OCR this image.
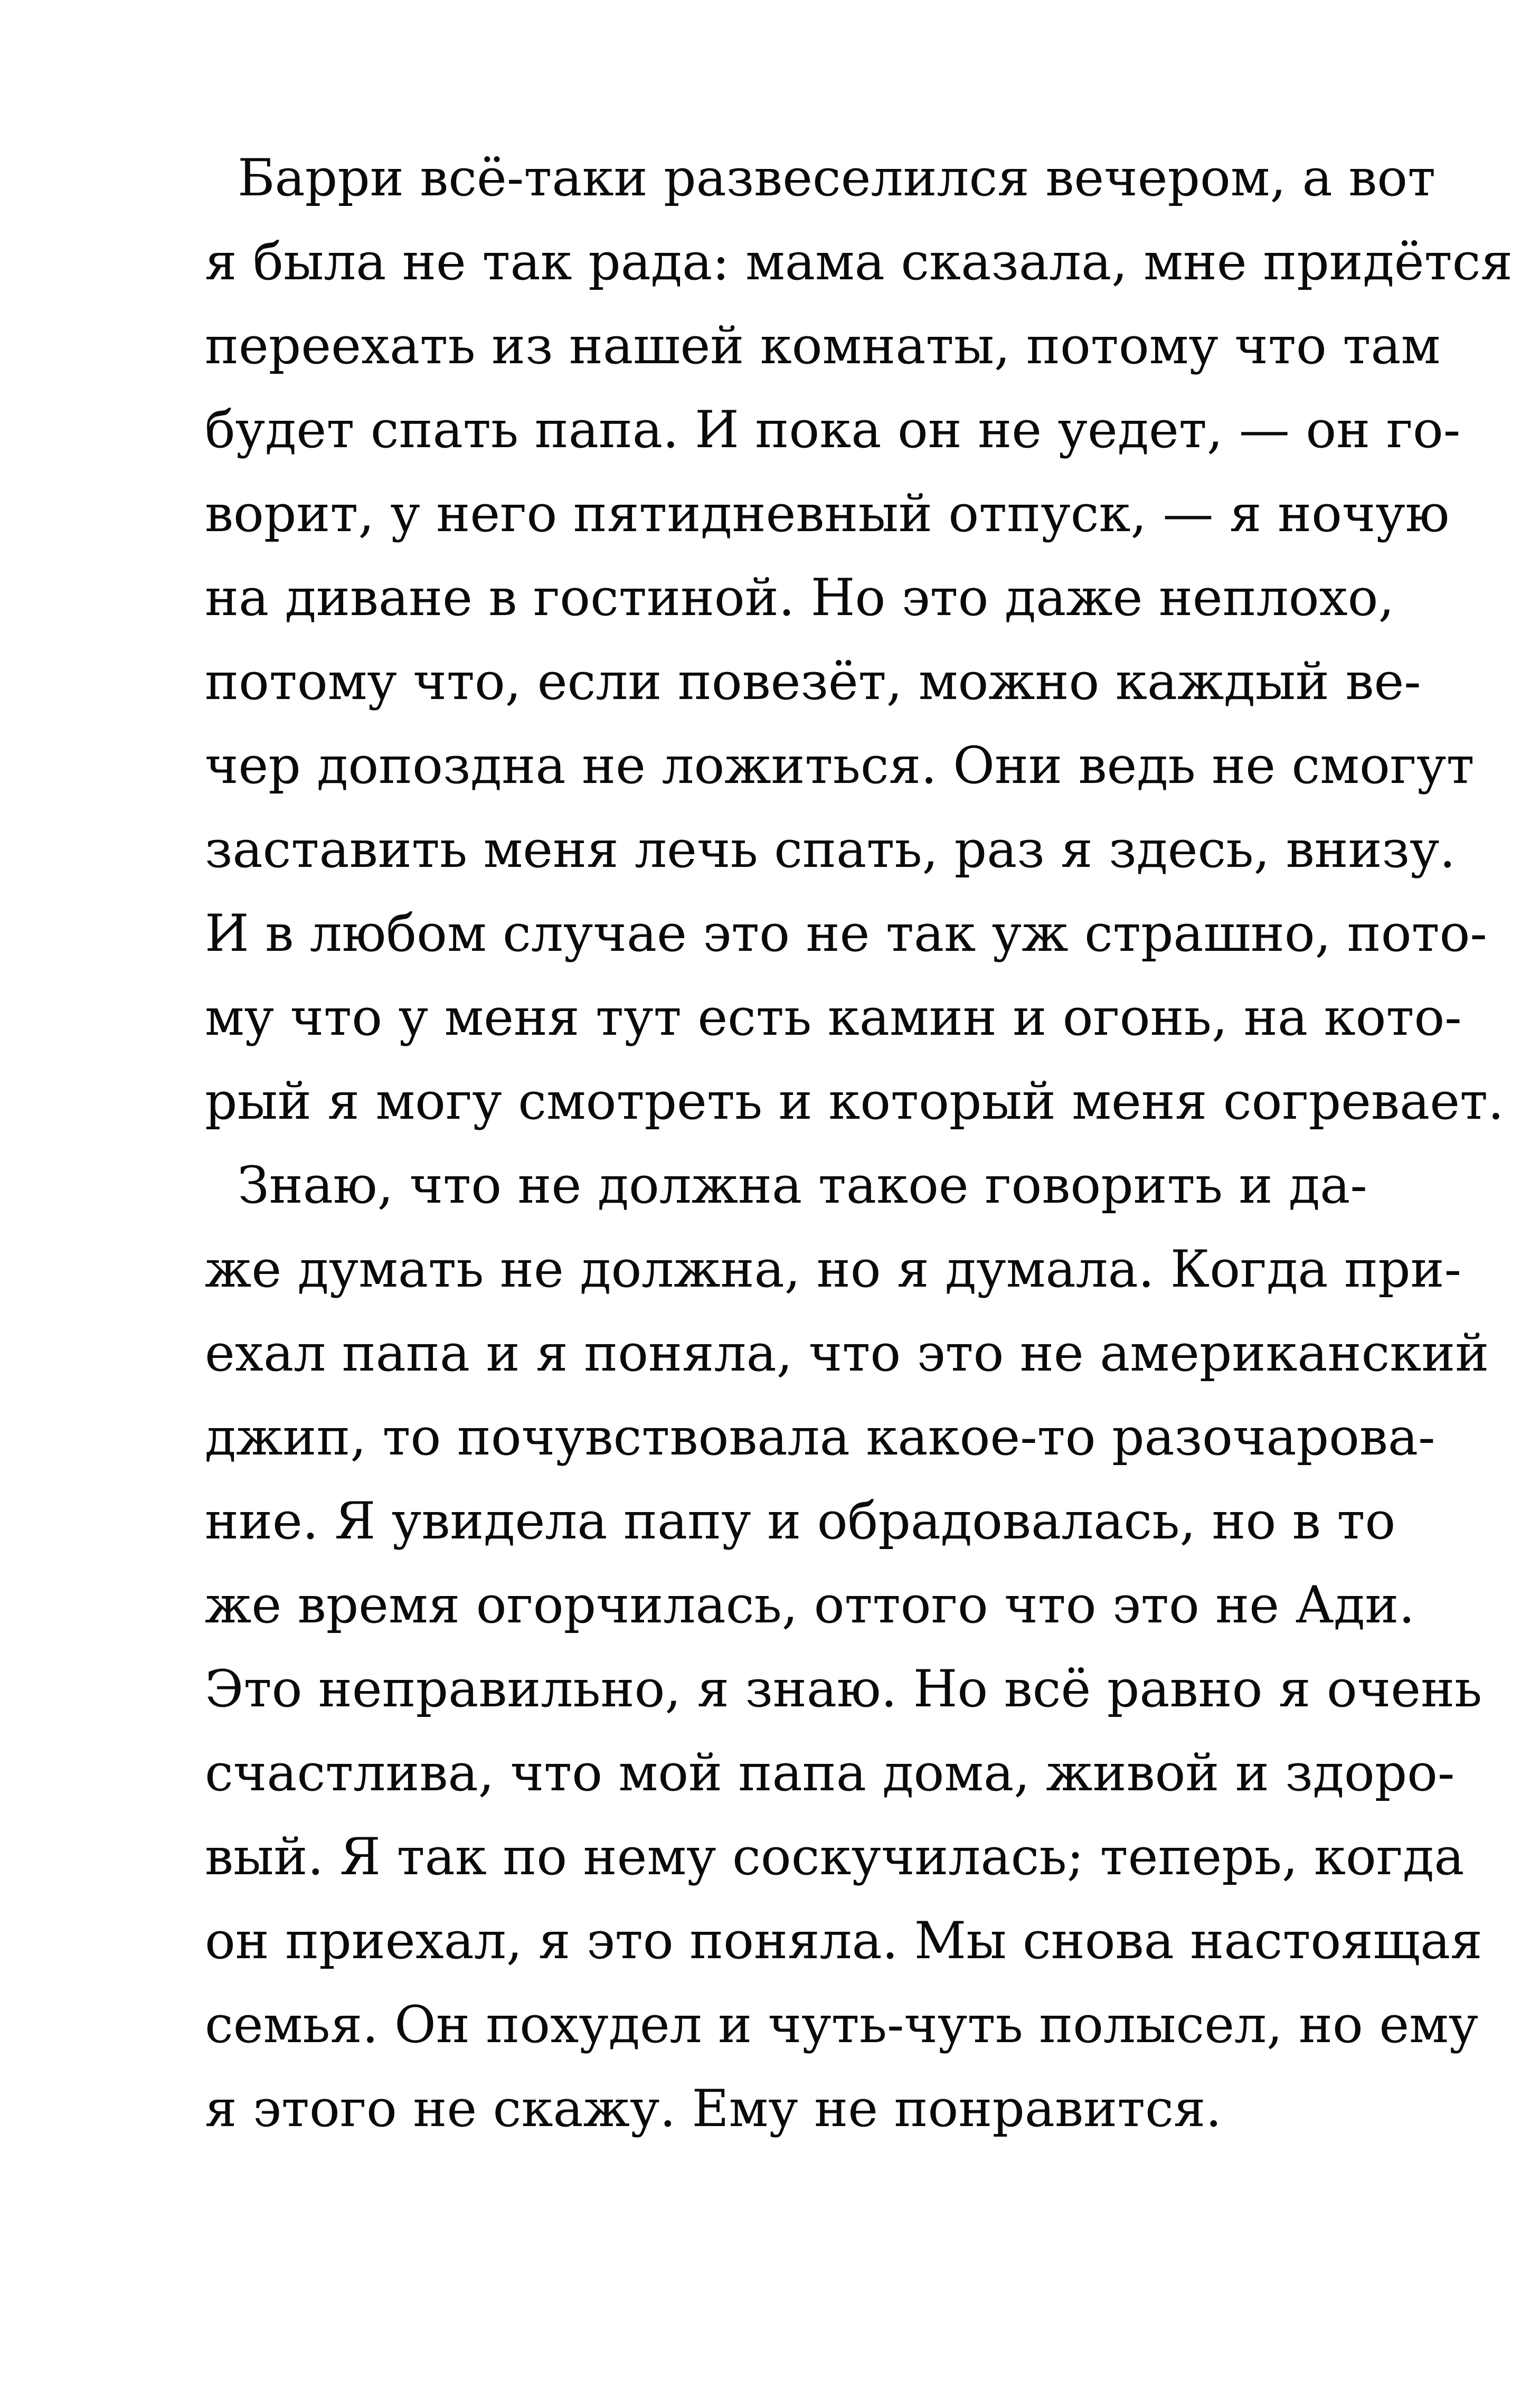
Барри всё-таки развеселился вечером, а вот
я была не так рада: мама сказала, мне придётся
переехать из нашей комнаты, потому что там
будет спать папа. И пока он не уедет, — он го-
ворит, у него пятидневный отпуск, — я ночую
на диване в гостиной. Но это даже неплохо,
потому что, если повезёт, можно каждый ве-
чер допоздна не ложиться. Они ведь не смогут
заставить меня лечь спать, раз я здесь, внизу.
И в любом случае это не так уж страшно, пото-
му что у меня тут есть камин и огонь, на кото-
рый я могу смотреть и который меня согревает.
Знаю, что не должна такое говорить и да-
же думать не должна, но я думала. Когда при-
ехал папа и я поняла, что это не американский
джип, то почувствовала какое-то разочарова-
ние. Я увидела папу и обрадовалась, но в то
же время огорчилась, оттого что это не Ади.
Это неправильно, я знаю. Но всё равно я очень
счастлива, что мой папа дома, живой и здоро-
вый. Я так по нему соскучилась; теперь, когда
он приехал, я это поняла. Мы снова настоящая
семья. Он похудел и чуть-чуть полысел, но ему
я этого не скажу. Ему не понравится.
